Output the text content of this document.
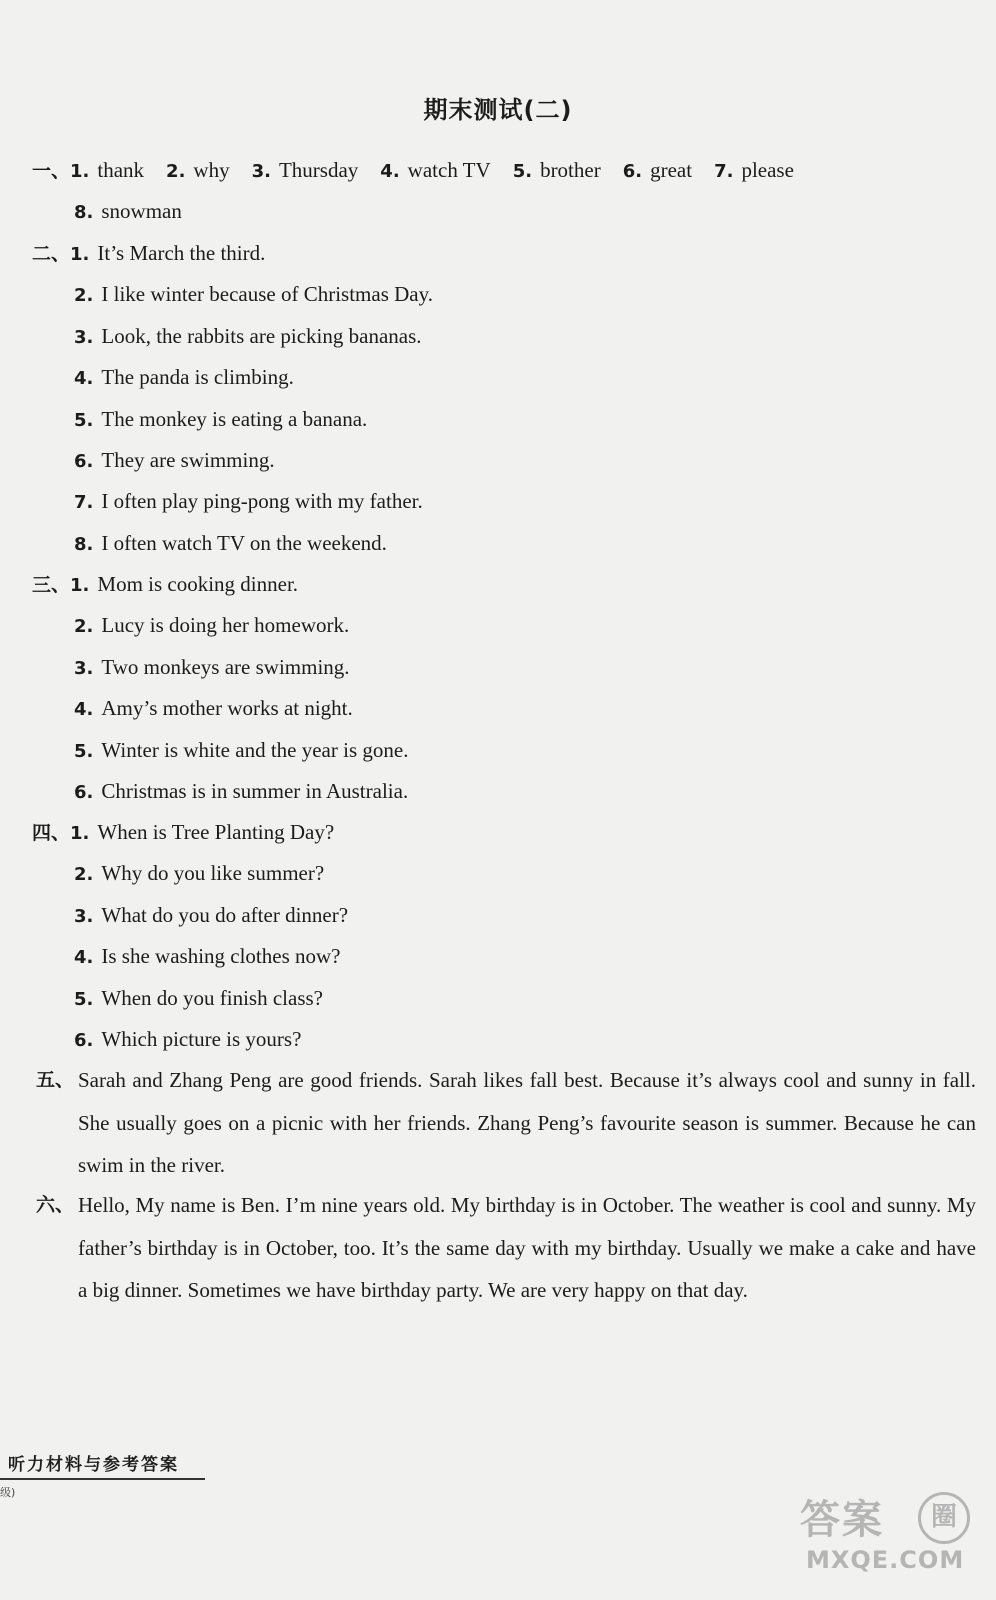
期末测试(二)
一、1. thank 2. why 3. Thursday 4. watch TV 5. brother 6. great 7. please
8. snowman
二、1. It’s March the third.
2. I like winter because of Christmas Day.
3. Look, the rabbits are picking bananas.
4. The panda is climbing.
5. The monkey is eating a banana.
6. They are swimming.
7. I often play ping-pong with my father.
8. I often watch TV on the weekend.
三、1. Mom is cooking dinner.
2. Lucy is doing her homework.
3. Two monkeys are swimming.
4. Amy’s mother works at night.
5. Winter is white and the year is gone.
6. Christmas is in summer in Australia.
四、1. When is Tree Planting Day?
2. Why do you like summer?
3. What do you do after dinner?
4. Is she washing clothes now?
5. When do you finish class?
6. Which picture is yours?
五、 Sarah and Zhang Peng are good friends. Sarah likes fall best. Because it’s always cool and sunny in fall. She usually goes on a picnic with her friends. Zhang Peng’s favourite season is summer. Because he can swim in the river.
六、 Hello, My name is Ben. I’m nine years old. My birthday is in October. The weather is cool and sunny. My father’s birthday is in October, too. It’s the same day with my birthday. Usually we make a cake and have a big dinner. Sometimes we have birthday party. We are very happy on that day.
听力材料与参考答案
级)
答案	圈
MXQE.COM
